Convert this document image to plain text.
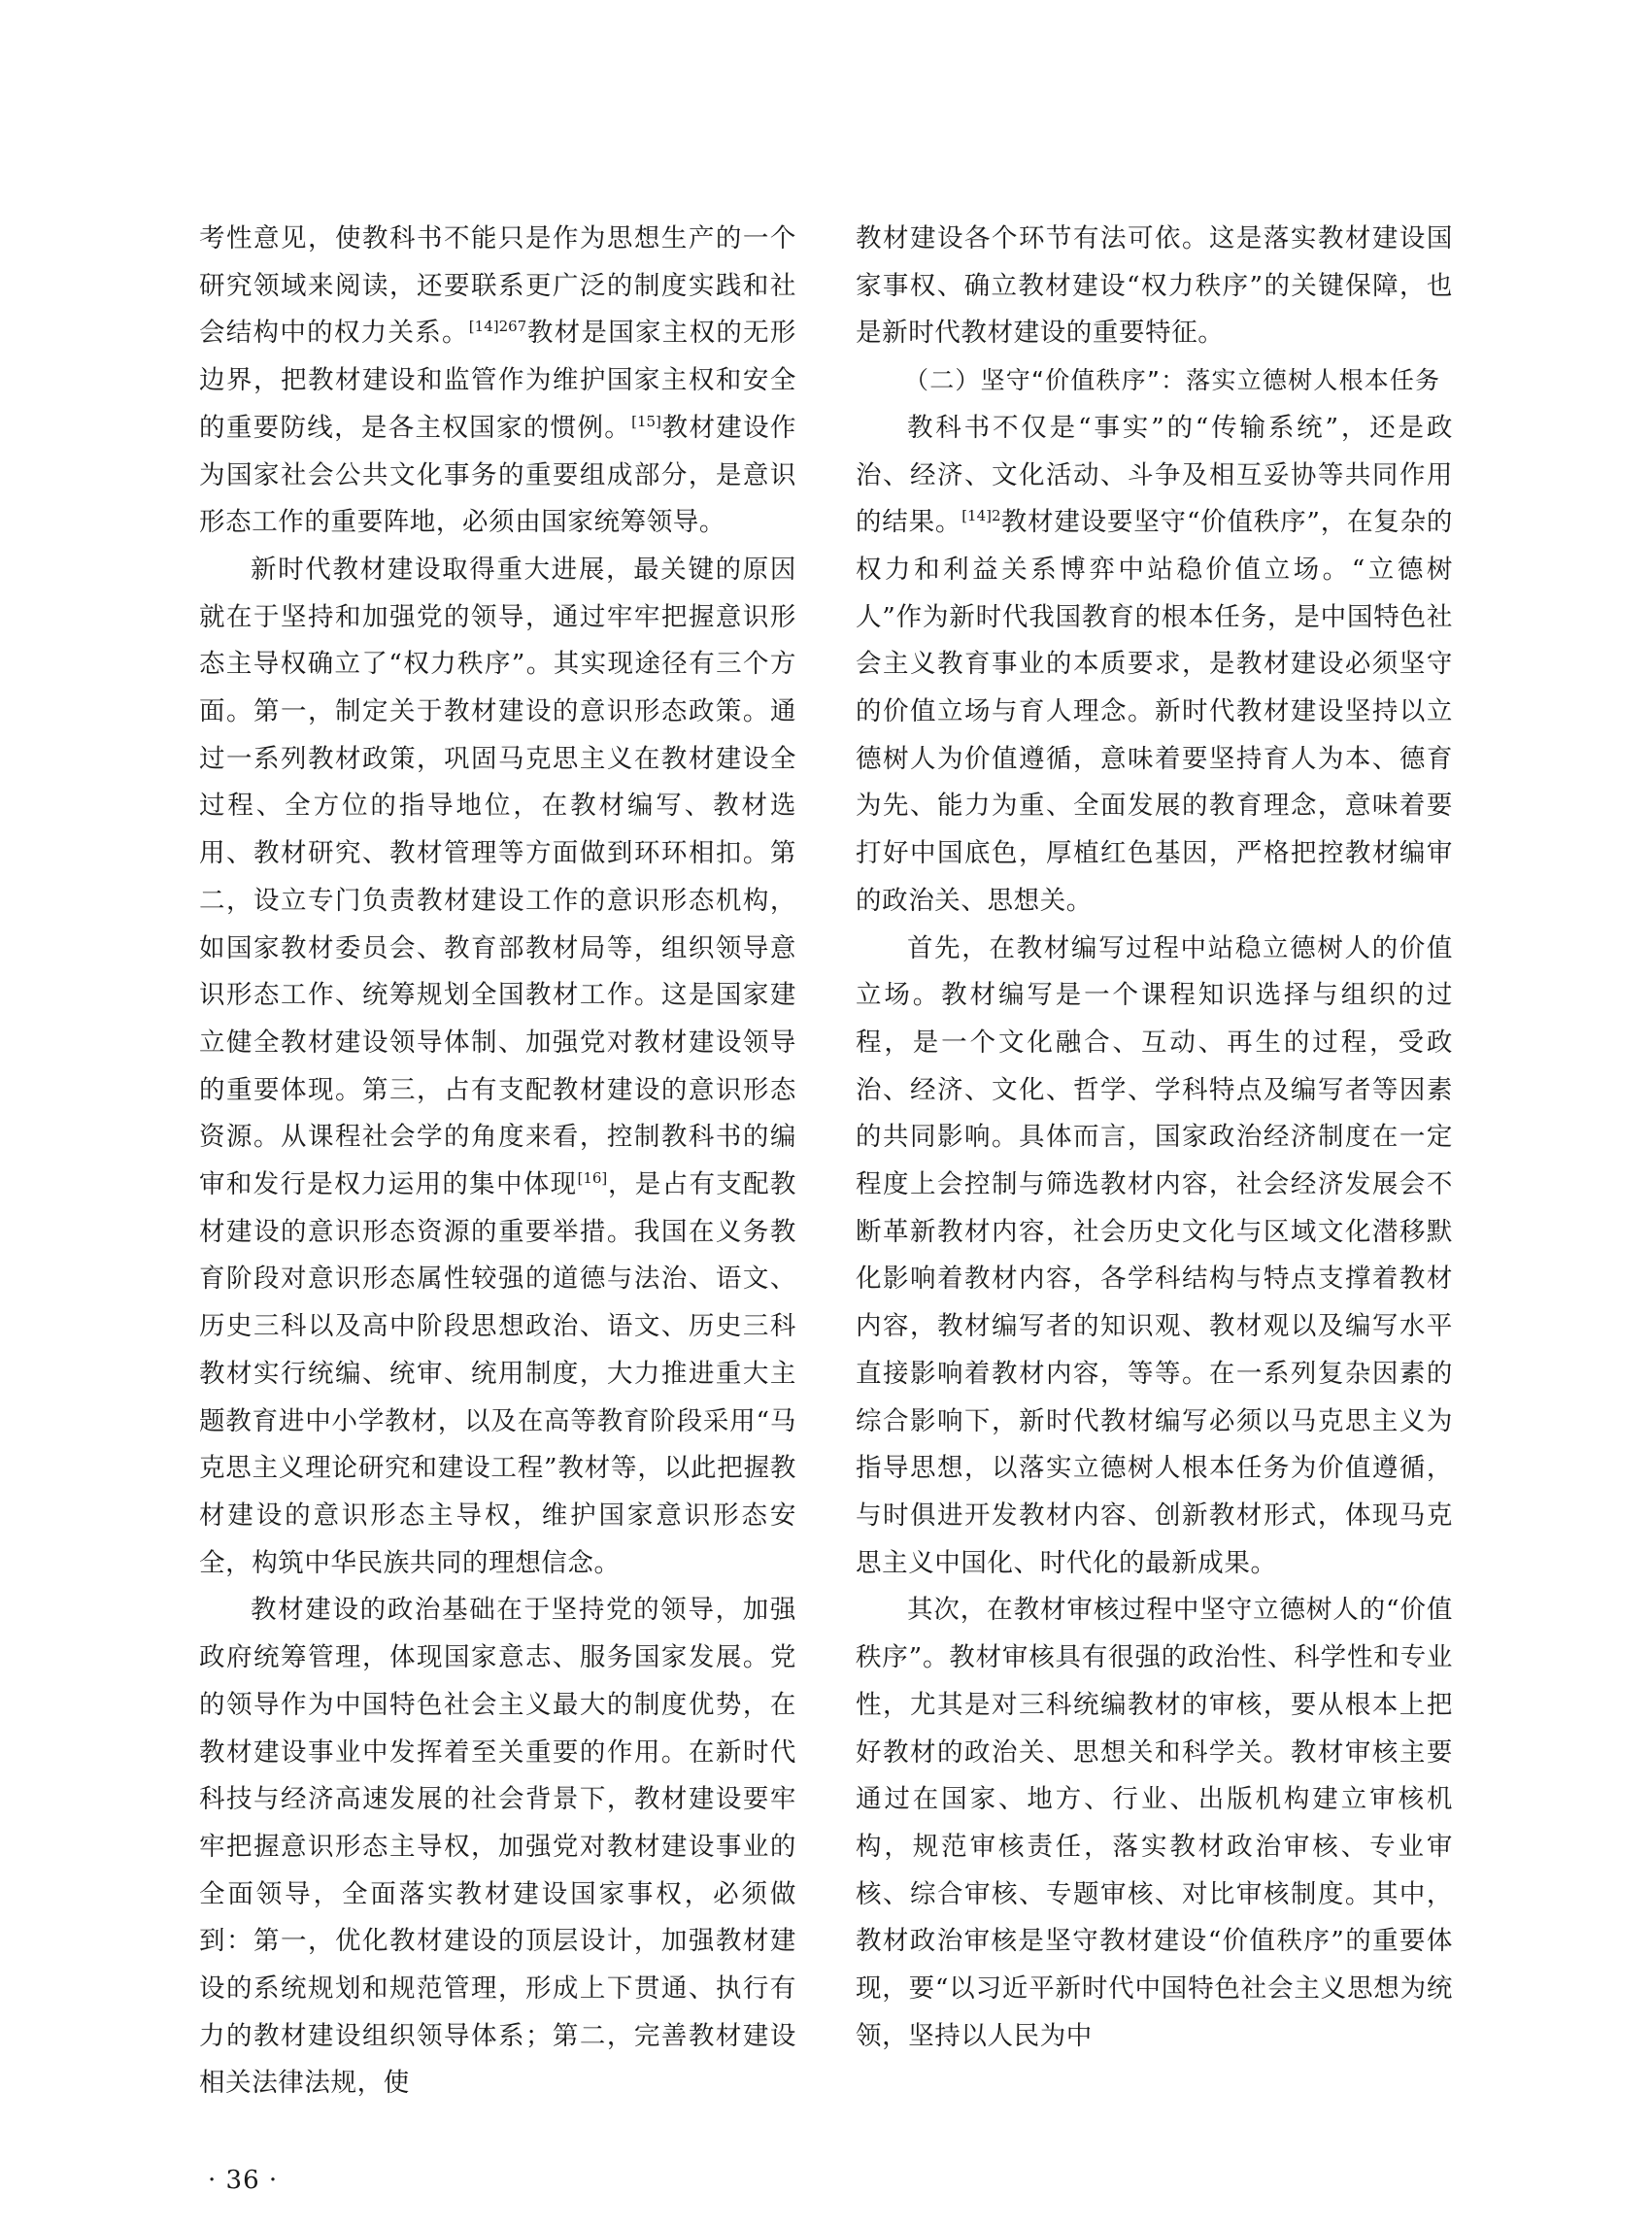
考性意见，使教科书不能只是作为思想生产的一个研究领域来阅读，还要联系更广泛的制度实践和社会结构中的权力关系。$^{[14]267}$教材是国家主权的无形边界，把教材建设和监管作为维护国家主权和安全的重要防线，是各主权国家的惯例。[15]教材建设作为国家社会公共文化事务的重要组成部分，是意识形态工作的重要阵地，必须由国家统筹领导。

新时代教材建设取得重大进展，最关键的原因就在于坚持和加强党的领导，通过牢牢把握意识形态主导权确立了“权力秩序”。其实现途径有三个方面。第一，制定关于教材建设的意识形态政策。通过一系列教材政策，巩固马克思主义在教材建设全过程、全方位的指导地位，在教材编写、教材选用、教材研究、教材管理等方面做到环环相扣。第二，设立专门负责教材建设工作的意识形态机构，如国家教材委员会、教育部教材局等，组织领导意识形态工作、统筹规划全国教材工作。这是国家建立健全教材建设领导体制、加强党对教材建设领导的重要体现。第三，占有支配教材建设的意识形态资源。从课程社会学的角度来看，控制教科书的编审和发行是权力运用的集中体现[16]，是占有支配教材建设的意识形态资源的重要举措。我国在义务教育阶段对意识形态属性较强的道德与法治、语文、历史三科以及高中阶段思想政治、语文、历史三科教材实行统编、统审、统用制度，大力推进重大主题教育进中小学教材，以及在高等教育阶段采用“马克思主义理论研究和建设工程”教材等，以此把握教材建设的意识形态主导权，维护国家意识形态安全，构筑中华民族共同的理想信念。

教材建设的政治基础在于坚持党的领导，加强政府统筹管理，体现国家意志、服务国家发展。党的领导作为中国特色社会主义最大的制度优势，在教材建设事业中发挥着至关重要的作用。在新时代科技与经济高速发展的社会背景下，教材建设要牢牢把握意识形态主导权，加强党对教材建设事业的全面领导，全面落实教材建设国家事权，必须做到：第一，优化教材建设的顶层设计，加强教材建设的系统规划和规范管理，形成上下贯通、执行有力的教材建设组织领导体系；第二，完善教材建设相关法律法规，使

教材建设各个环节有法可依。这是落实教材建设国家事权、确立教材建设“权力秩序”的关键保障，也是新时代教材建设的重要特征。

（二）坚守“价值秩序”：落实立德树人根本任务

教科书不仅是“事实”的“传输系统”，还是政治、经济、文化活动、斗争及相互妥协等共同作用的结果。$^{[14]2}$教材建设要坚守“价值秩序”，在复杂的权力和利益关系博弈中站稳价值立场。“立德树人”作为新时代我国教育的根本任务，是中国特色社会主义教育事业的本质要求，是教材建设必须坚守的价值立场与育人理念。新时代教材建设坚持以立德树人为价值遵循，意味着要坚持育人为本、德育为先、能力为重、全面发展的教育理念，意味着要打好中国底色，厚植红色基因，严格把控教材编审的政治关、思想关。

首先，在教材编写过程中站稳立德树人的价值立场。教材编写是一个课程知识选择与组织的过程，是一个文化融合、互动、再生的过程，受政治、经济、文化、哲学、学科特点及编写者等因素的共同影响。具体而言，国家政治经济制度在一定程度上会控制与筛选教材内容，社会经济发展会不断革新教材内容，社会历史文化与区域文化潜移默化影响着教材内容，各学科结构与特点支撑着教材内容，教材编写者的知识观、教材观以及编写水平直接影响着教材内容，等等。在一系列复杂因素的综合影响下，新时代教材编写必须以马克思主义为指导思想，以落实立德树人根本任务为价值遵循，与时俱进开发教材内容、创新教材形式，体现马克思主义中国化、时代化的最新成果。

其次，在教材审核过程中坚守立德树人的“价值秩序”。教材审核具有很强的政治性、科学性和专业性，尤其是对三科统编教材的审核，要从根本上把好教材的政治关、思想关和科学关。教材审核主要通过在国家、地方、行业、出版机构建立审核机构，规范审核责任，落实教材政治审核、专业审核、综合审核、专题审核、对比审核制度。其中，教材政治审核是坚守教材建设“价值秩序”的重要体现，要“以习近平新时代中国特色社会主义思想为统领，坚持以人民为中

· 36 ·
